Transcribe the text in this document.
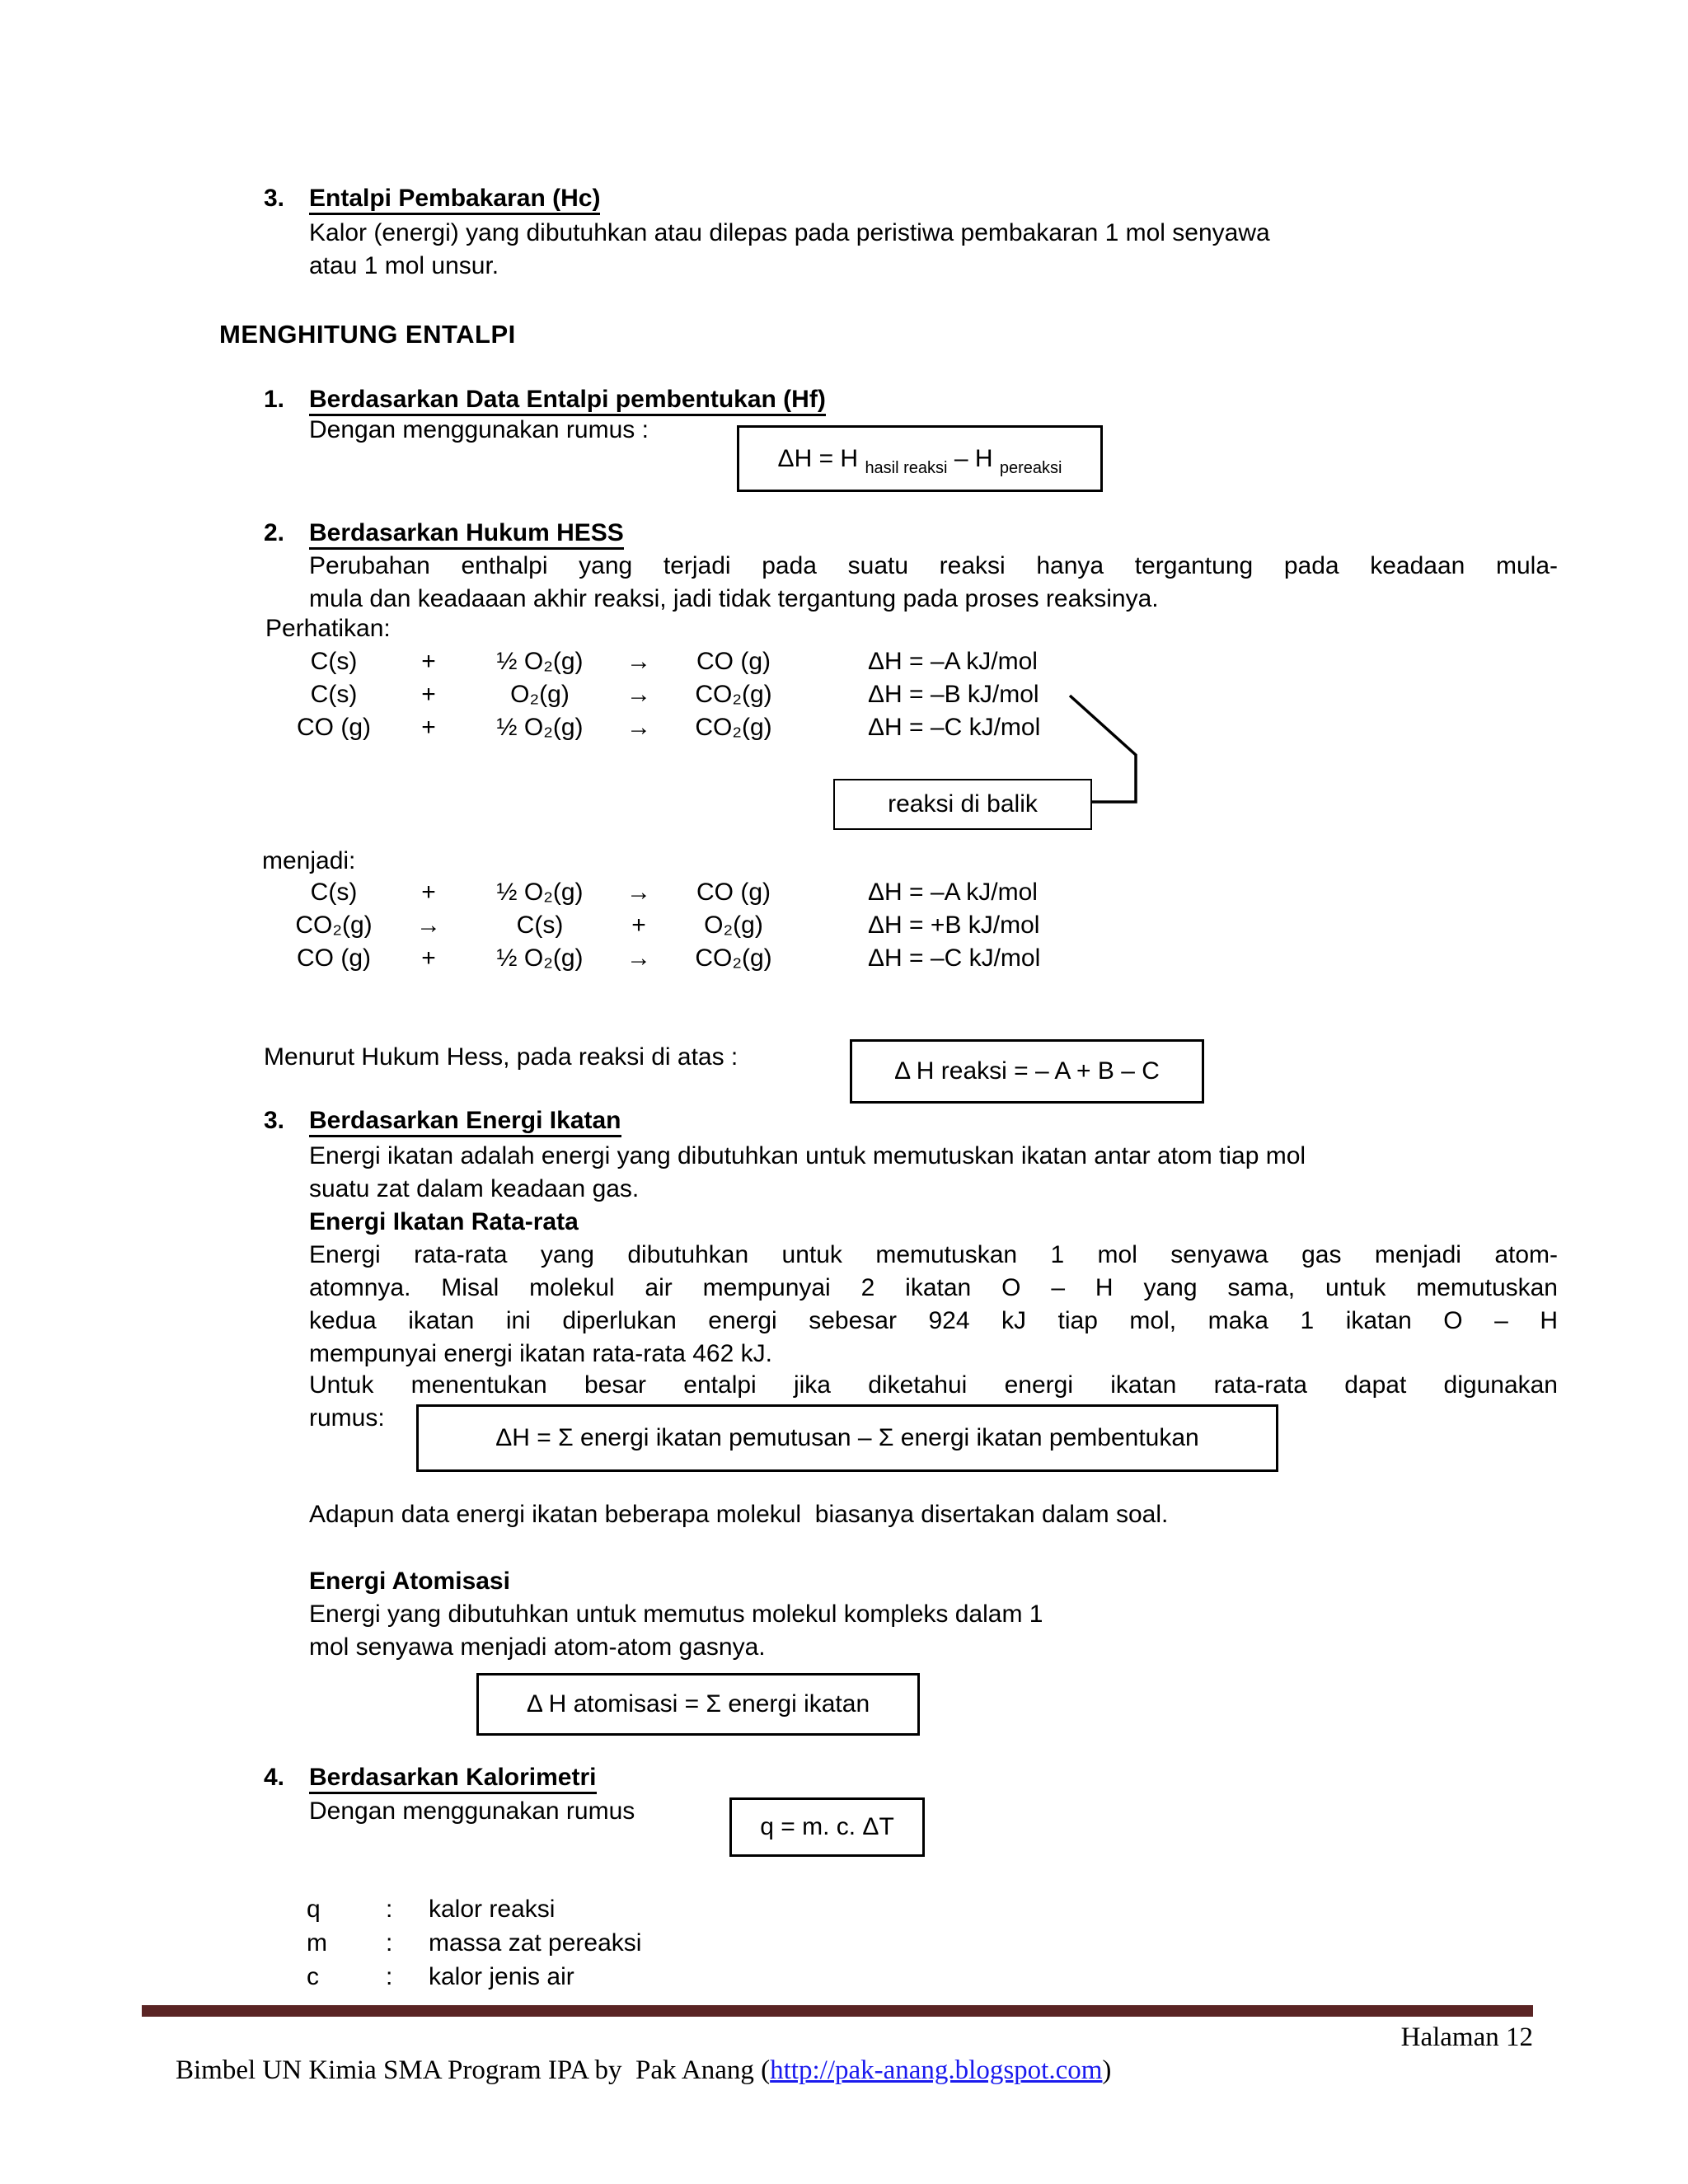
3. Entalpi Pembakaran (Hc)
Kalor (energi) yang dibutuhkan atau dilepas pada peristiwa pembakaran 1 mol senyawa
atau 1 mol unsur.
MENGHITUNG ENTALPI
1. Berdasarkan Data Entalpi pembentukan (Hf)
Dengan menggunakan rumus :
ΔH = H $_{hasil reaksi}$ – H $_{pereaksi}$
2. Berdasarkan Hukum HESS
Perubahan enthalpi yang terjadi pada suatu reaksi hanya tergantung pada keadaan mula-
mula dan keadaaan akhir reaksi, jadi tidak tergantung pada proses reaksinya.
Perhatikan:
C(s)	+	½ O₂(g)	→	CO (g)	ΔH = –A kJ/mol
C(s)	+	O₂(g)	→	CO₂(g)	ΔH = –B kJ/mol
CO (g)	+	½ O₂(g)	→	CO₂(g)	ΔH = –C kJ/mol
reaksi di balik
menjadi:
C(s)	+	½ O₂(g)	→	CO (g)	ΔH = –A kJ/mol
CO₂(g)	→	C(s)	+	O₂(g)	ΔH = +B kJ/mol
CO (g)	+	½ O₂(g)	→	CO₂(g)	ΔH = –C kJ/mol
Menurut Hukum Hess, pada reaksi di atas :
Δ H reaksi = – A + B – C
3. Berdasarkan Energi Ikatan
Energi ikatan adalah energi yang dibutuhkan untuk memutuskan ikatan antar atom tiap mol
suatu zat dalam keadaan gas.
Energi Ikatan Rata-rata
Energi rata-rata yang dibutuhkan untuk memutuskan 1 mol senyawa gas menjadi atom-
atomnya. Misal molekul air mempunyai 2 ikatan O – H yang sama, untuk memutuskan
kedua ikatan ini diperlukan energi sebesar 924 kJ tiap mol, maka 1 ikatan O – H
mempunyai energi ikatan rata-rata 462 kJ.
Untuk menentukan besar entalpi jika diketahui energi ikatan rata-rata dapat digunakan
rumus:
ΔH = Σ energi ikatan pemutusan – Σ energi ikatan pembentukan
Adapun data energi ikatan beberapa molekul  biasanya disertakan dalam soal.
Energi Atomisasi
Energi yang dibutuhkan untuk memutus molekul kompleks dalam 1
mol senyawa menjadi atom-atom gasnya.
Δ H atomisasi = Σ energi ikatan
4. Berdasarkan Kalorimetri
Dengan menggunakan rumus
q = m. c. ΔT
q	:	kalor reaksi
m	:	massa zat pereaksi
c	:	kalor jenis air

Bimbel UN Kimia SMA Program IPA by  Pak Anang (http://pak-anang.blogspot.com)

Halaman 12
